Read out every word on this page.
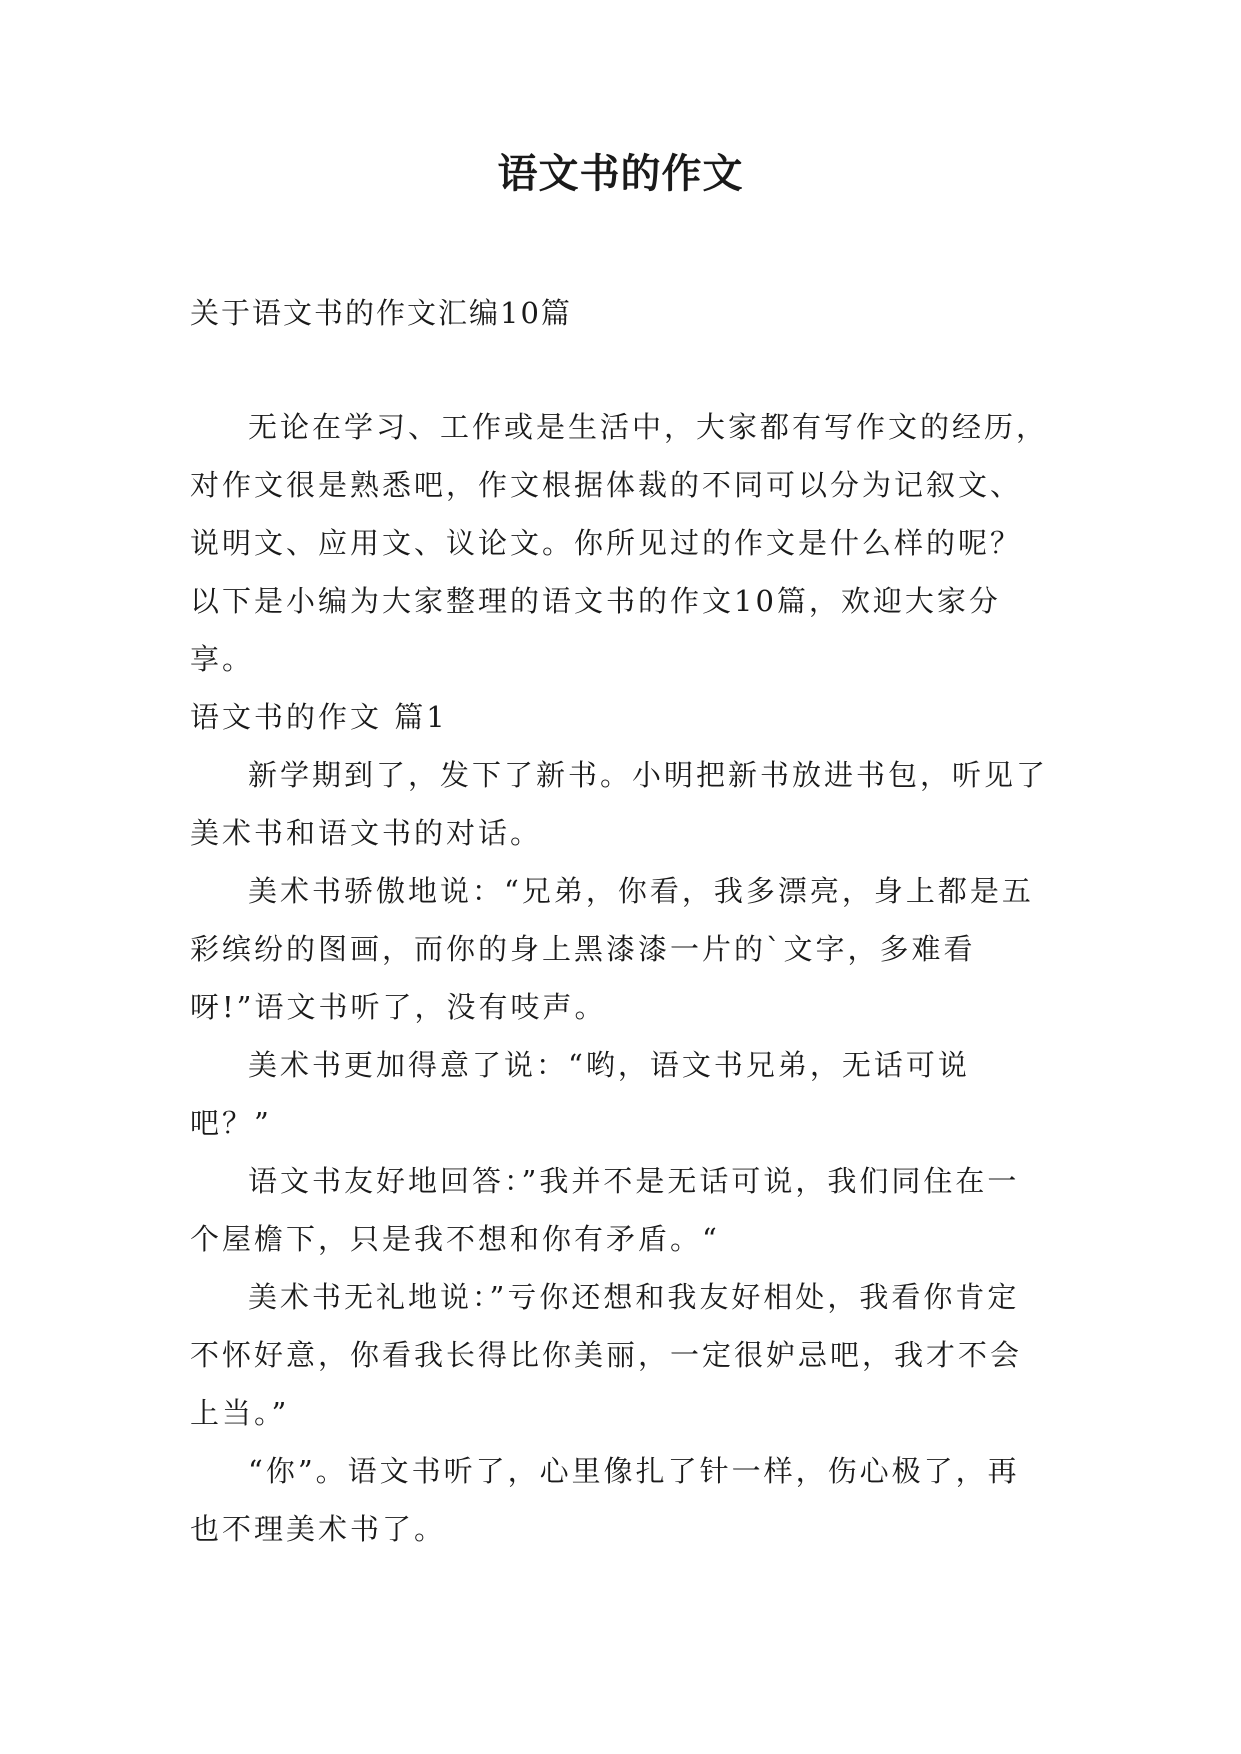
语文书的作文
关于语文书的作文汇编10篇

无论在学习、工作或是生活中，大家都有写作文的经历，对作文很是熟悉吧，作文根据体裁的不同可以分为记叙文、说明文、应用文、议论文。你所见过的作文是什么样的呢？以下是小编为大家整理的语文书的作文10篇，欢迎大家分享。

语文书的作文 篇1

新学期到了，发下了新书。小明把新书放进书包，听见了美术书和语文书的对话。

美术书骄傲地说：“兄弟，你看，我多漂亮，身上都是五彩缤纷的图画，而你的身上黑漆漆一片的`文字，多难看呀!”语文书听了，没有吱声。

美术书更加得意了说：“哟，语文书兄弟，无话可说吧？”

语文书友好地回答：”我并不是无话可说，我们同住在一个屋檐下，只是我不想和你有矛盾。“

美术书无礼地说：”亏你还想和我友好相处，我看你肯定不怀好意，你看我长得比你美丽，一定很妒忌吧，我才不会上当。”

“你”。语文书听了，心里像扎了针一样，伤心极了，再也不理美术书了。
